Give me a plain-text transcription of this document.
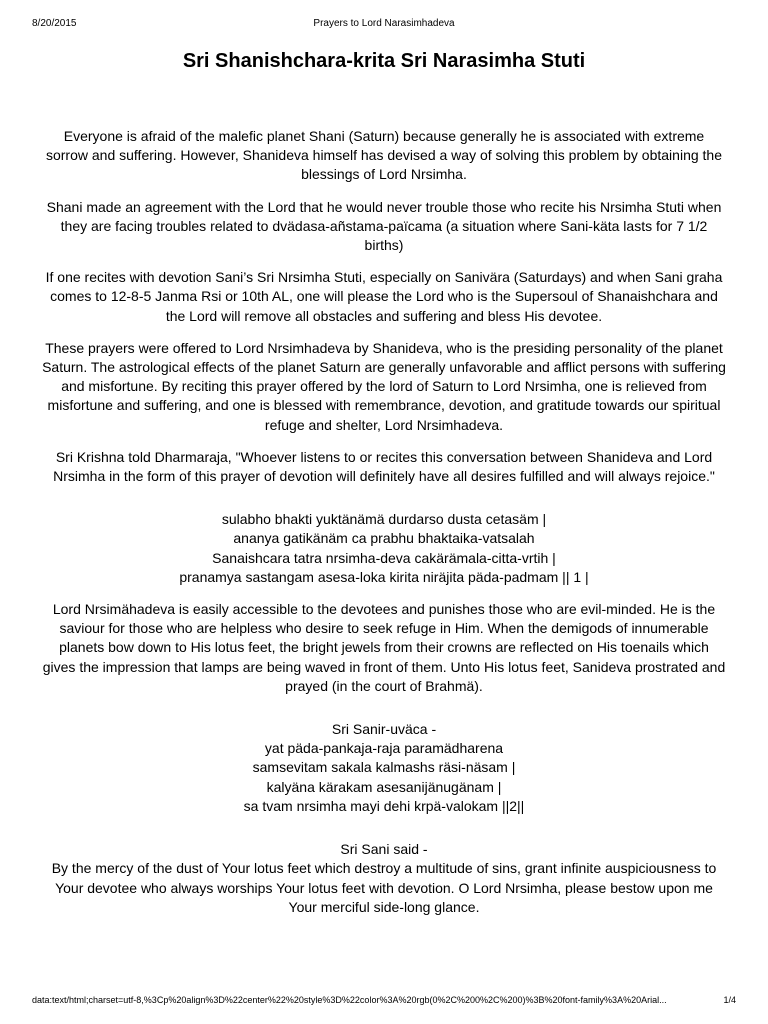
8/20/2015	Prayers to Lord Narasimhadeva
Sri Shanishchara-krita Sri Narasimha Stuti

Everyone is afraid of the malefic planet Shani (Saturn) because generally he is associated with extreme sorrow and suffering. However, Shanideva himself has devised a way of solving this problem by obtaining the blessings of Lord Nrsimha.

Shani made an agreement with the Lord that he would never trouble those who recite his Nrsimha Stuti when they are facing troubles related to dvädasa-añstama-païcama (a situation where Sani-käta lasts for 7 1/2 births)

If one recites with devotion Sani’s Sri Nrsimha Stuti, especially on Sanivära (Saturdays) and when Sani graha comes to 12-8-5 Janma Rsi or 10th AL, one will please the Lord who is the Supersoul of Shanaishchara and the Lord will remove all obstacles and suffering and bless His devotee.

These prayers were offered to Lord Nrsimhadeva by Shanideva, who is the presiding personality of the planet Saturn. The astrological effects of the planet Saturn are generally unfavorable and afflict persons with suffering and misfortune. By reciting this prayer offered by the lord of Saturn to Lord Nrsimha, one is relieved from misfortune and suffering, and one is blessed with remembrance, devotion, and gratitude towards our spiritual refuge and shelter, Lord Nrsimhadeva.

Sri Krishna told Dharmaraja, "Whoever listens to or recites this conversation between Shanideva and Lord Nrsimha in the form of this prayer of devotion will definitely have all desires fulfilled and will always rejoice."

sulabho bhakti yuktänämä durdarso dusta cetasäm |
ananya gatikänäm ca prabhu bhaktaika-vatsalah
Sanaishcara tatra nrsimha-deva cakärämala-citta-vrtih |
pranamya sastangam asesa-loka kirita niräjita päda-padmam || 1 |

Lord Nrsimähadeva is easily accessible to the devotees and punishes those who are evil-minded. He is the saviour for those who are helpless who desire to seek refuge in Him. When the demigods of innumerable planets bow down to His lotus feet, the bright jewels from their crowns are reflected on His toenails which gives the impression that lamps are being waved in front of them. Unto His lotus feet, Sanideva prostrated and prayed (in the court of Brahmä).

Sri Sanir-uväca -
yat päda-pankaja-raja paramädharena
samsevitam sakala kalmashs räsi-näsam |
kalyäna kärakam asesanijänugänam |
sa tvam nrsimha mayi dehi krpä-valokam ||2||

Sri Sani said -
By the mercy of the dust of Your lotus feet which destroy a multitude of sins, grant infinite auspiciousness to Your devotee who always worships Your lotus feet with devotion. O Lord Nrsimha, please bestow upon me Your merciful side-long glance.

data:text/html;charset=utf-8,%3Cp%20align%3D%22center%22%20style%3D%22color%3A%20rgb(0%2C%200%2C%200)%3B%20font-family%3A%20Arial...	1/4
